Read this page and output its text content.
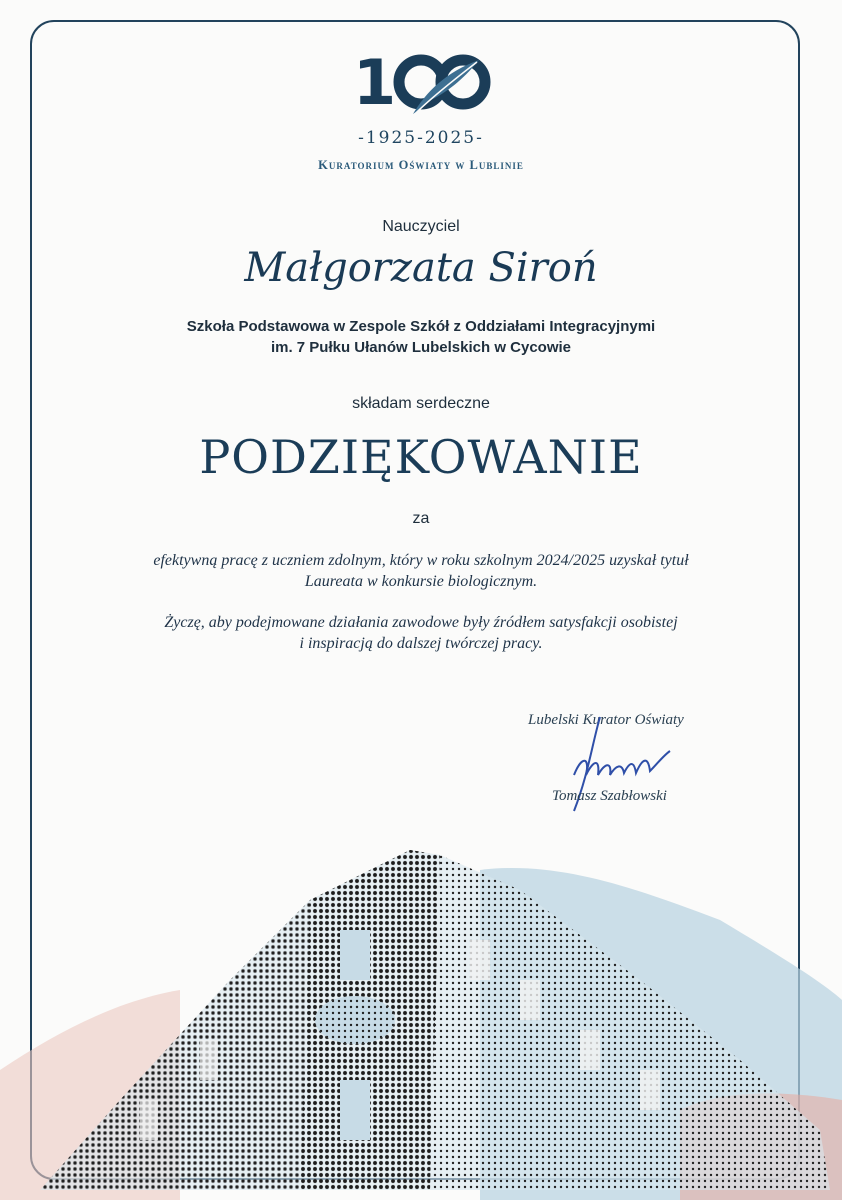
1
-1925-2025-
Kuratorium Oświaty w Lublinie
Nauczyciel
Małgorzata Siroń
Szkoła Podstawowa w Zespole Szkół z Oddziałami Integracyjnymi
im. 7 Pułku Ułanów Lubelskich w Cycowie
składam serdeczne
PODZIĘKOWANIE
za
efektywną pracę z uczniem zdolnym, który w roku szkolnym 2024/2025 uzyskał tytuł
Laureata w konkursie biologicznym.
Życzę, aby podejmowane działania zawodowe były źródłem satysfakcji osobistej
i inspiracją do dalszej twórczej pracy.
Lubelski Kurator Oświaty
Tomasz Szabłowski
